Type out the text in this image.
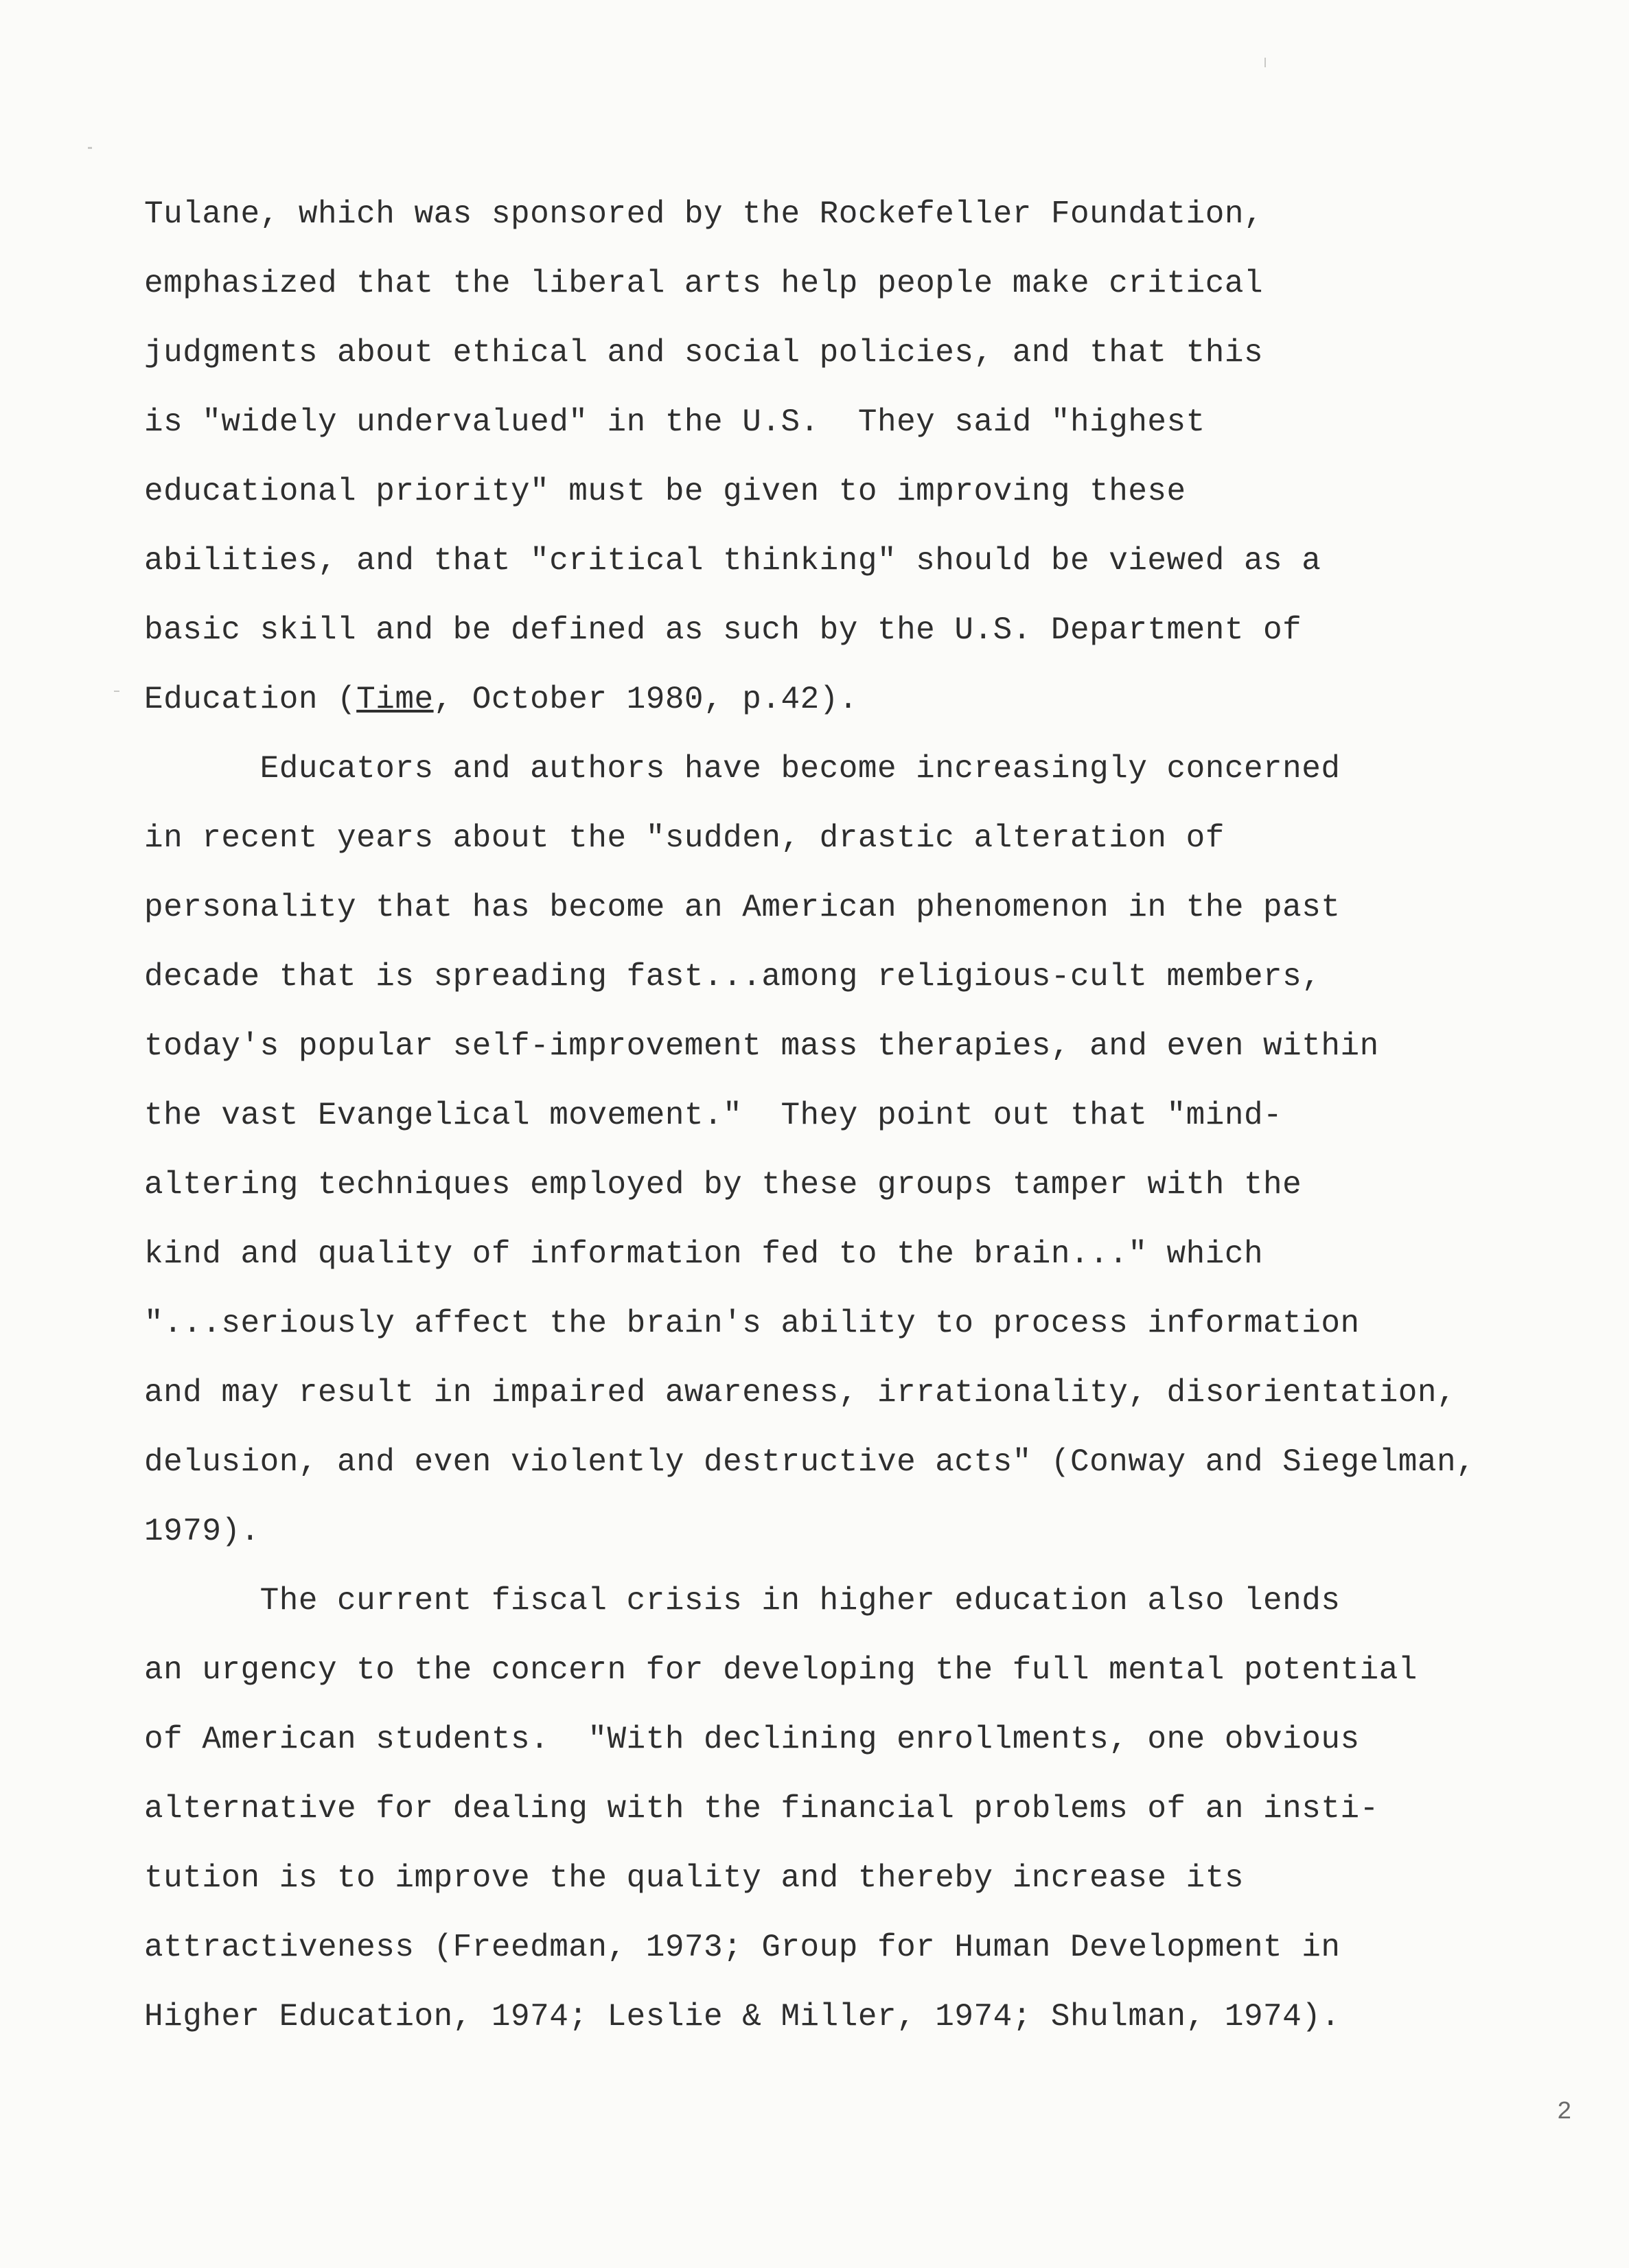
Tulane, which was sponsored by the Rockefeller Foundation,
emphasized that the liberal arts help people make critical
judgments about ethical and social policies, and that this
is "widely undervalued" in the U.S.  They said "highest
educational priority" must be given to improving these
abilities, and that "critical thinking" should be viewed as a
basic skill and be defined as such by the U.S. Department of
Education (Time, October 1980, p.42).
Educators and authors have become increasingly concerned
in recent years about the "sudden, drastic alteration of
personality that has become an American phenomenon in the past
decade that is spreading fast...among religious-cult members,
today's popular self-improvement mass therapies, and even within
the vast Evangelical movement."  They point out that "mind-
altering techniques employed by these groups tamper with the
kind and quality of information fed to the brain..." which
"...seriously affect the brain's ability to process information
and may result in impaired awareness, irrationality, disorientation,
delusion, and even violently destructive acts" (Conway and Siegelman,
1979).
The current fiscal crisis in higher education also lends
an urgency to the concern for developing the full mental potential
of American students.  "With declining enrollments, one obvious
alternative for dealing with the financial problems of an insti-
tution is to improve the quality and thereby increase its
attractiveness (Freedman, 1973; Group for Human Development in
Higher Education, 1974; Leslie & Miller, 1974; Shulman, 1974).
2
